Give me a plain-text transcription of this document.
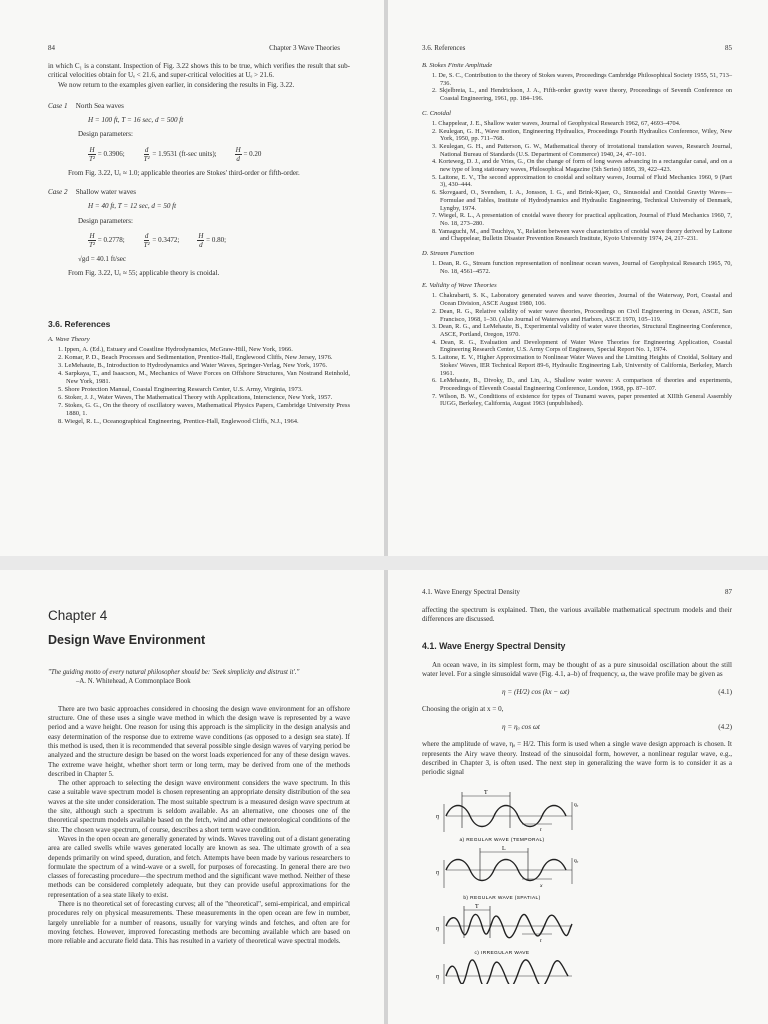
84	Chapter 3 Wave Theories

in which C₁ is a constant. Inspection of Fig. 3.22 shows this to be true, which verifies the result that sub-critical velocities obtain for Uₑ < 21.6, and super-critical velocities at Uₑ > 21.6.

We now return to the examples given earlier, in considering the results in Fig. 3.22.

Case 1 North Sea waves
H = 100 ft, T = 16 sec, d = 500 ft
Design parameters:
$\frac{H}{\text{T²}} = 0.3906$;	$\frac{d}{\text{T²}} = 1.9531$ (ft-sec units);	$\frac{H}{d} = 0.20$

From Fig. 3.22, Uₑ ≈ 1.0; applicable theories are Stokes' third-order or fifth-order.

Case 2 Shallow water waves
H = 40 ft, T = 12 sec, d = 50 ft
Design parameters:
$\frac{H}{\text{T²}} = 0.2778$;	$\frac{d}{\text{T²}} = 0.3472$;	$\frac{H}{d} = 0.80$;
√gd = 40.1 ft/sec

From Fig. 3.22, Uₑ ≈ 55; applicable theory is cnoidal.

3.6. References
A. Wave Theory
1. Ippen, A. (Ed.), Estuary and Coastline Hydrodynamics, McGraw-Hill, New York, 1966.
2. Komar, P. D., Beach Processes and Sedimentation, Prentice-Hall, Englewood Cliffs, New Jersey, 1976.
3. LeMehaute, B., Introduction to Hydrodynamics and Water Waves, Springer-Verlag, New York, 1976.
4. Sarpkaya, T., and Isaacson, M., Mechanics of Wave Forces on Offshore Structures, Van Nostrand Reinhold, New York, 1981.
5. Shore Protection Manual, Coastal Engineering Research Center, U.S. Army, Virginia, 1973.
6. Stoker, J. J., Water Waves, The Mathematical Theory with Applications, Interscience, New York, 1957.
7. Stokes, G. G., On the theory of oscillatory waves, Mathematical Physics Papers, Cambridge University Press 1880, 1.
8. Wiegel, R. L., Oceanographical Engineering, Prentice-Hall, Englewood Cliffs, N.J., 1964.
3.6. References	85
B. Stokes Finite Amplitude
1. De, S. C., Contribution to the theory of Stokes waves, Proceedings Cambridge Philosophical Society 1955, 51, 713–736.
2. Skjelbreia, L., and Hendrickson, J. A., Fifth-order gravity wave theory, Proceedings of Seventh Conference on Coastal Engineering, 1961, pp. 184–196.
C. Cnoidal
1. Chappelear, J. E., Shallow water waves, Journal of Geophysical Research 1962, 67, 4693–4704.
2. Keulegan, G. H., Wave motion, Engineering Hydraulics, Proceedings Fourth Hydraulics Conference, Wiley, New York, 1950, pp. 711–768.
3. Keulegan, G. H., and Patterson, G. W., Mathematical theory of irrotational translation waves, Research Journal, National Bureau of Standards (U.S. Department of Commerce) 1940, 24, 47–101.
4. Korteweg, D. J., and de Vries, G., On the change of form of long waves advancing in a rectangular canal, and on a new type of long stationary waves, Philosophical Magazine (5th Series) 1895, 39, 422–423.
5. Laitone, E. V., The second approximation to cnoidal and solitary waves, Journal of Fluid Mechanics 1960, 9 (Part 3), 430–444.
6. Skovgaard, O., Svendsen, I. A., Jonsson, I. G., and Brink-Kjaer, O., Sinusoidal and Cnoidal Gravity Waves—Formulae and Tables, Institute of Hydrodynamics and Hydraulic Engineering, Technical University of Denmark, Lyngby, 1974.
7. Wiegel, R. L., A presentation of cnoidal wave theory for practical application, Journal of Fluid Mechanics 1960, 7, No. 18, 273–280.
8. Yamaguchi, M., and Tsuchiya, Y., Relation between wave characteristics of cnoidal wave theory derived by Laitone and Chappelear, Bulletin Disaster Prevention Research Institute, Kyoto University 1974, 24, 217–231.
D. Stream Function
1. Dean, R. G., Stream function representation of nonlinear ocean waves, Journal of Geophysical Research 1965, 70, No. 18, 4561–4572.
E. Validity of Wave Theories
1. Chakrabarti, S. K., Laboratory generated waves and wave theories, Journal of the Waterway, Port, Coastal and Ocean Division, ASCE August 1980, 106.
2. Dean, R. G., Relative validity of water wave theories, Proceedings on Civil Engineering in Ocean, ASCE, San Francisco, 1968, 1–30. (Also Journal of Waterways and Harbors, ASCE 1970, 105–119.
3. Dean, R. G., and LeMehaute, B., Experimental validity of water wave theories, Structural Engineering Conference, ASCE, Portland, Oregon, 1970.
4. Dean, R. G., Evaluation and Development of Water Wave Theories for Engineering Application, Coastal Engineering Research Center, U.S. Army Corps of Engineers, Special Report No. 1, 1974.
5. Laitone, E. V., Higher Approximation to Nonlinear Water Waves and the Limiting Heights of Cnoidal, Solitary and Stokes' Waves, IER Technical Report 89-6, Hydraulic Engineering Lab, University of California, Berkeley, March 1961.
6. LeMehaute, B., Divoky, D., and Lin, A., Shallow water waves: A comparison of theories and experiments, Proceedings of Eleventh Coastal Engineering Conference, London, 1968, pp. 87–107.
7. Wilson, B. W., Conditions of existence for types of Tsunami waves, paper presented at XIIIth General Assembly IUGG, Berkeley, California, August 1963 (unpublished).
Chapter 4
Design Wave Environment
"The guiding motto of every natural philosopher should be: 'Seek simplicity and distrust it'."
–A. N. Whitehead, A Commonplace Book

There are two basic approaches considered in choosing the design wave environment for an offshore structure. One of these uses a single wave method in which the design wave is represented by a wave period and a wave height. One reason for using this approach is the simplicity in the design analysis and easy determination of the response due to extreme wave conditions (as opposed to a design sea state). If this method is used, then it is recommended that several possible single design waves of varying period be analyzed and the structure design be based on the worst loads experienced for any of these design waves. The extreme wave height, whether short term or long term, may be derived from one of the methods described in Chapter 5.

The other approach to selecting the design wave environment considers the wave spectrum. In this case a suitable wave spectrum model is chosen representing an appropriate density distribution of the sea waves at the site under consideration. The most suitable spectrum is a measured design wave spectrum at the site, although such a spectrum is seldom available. As an alternative, one chooses one of the theoretical spectrum models available based on the fetch, wind and other meteorological conditions of the site. The chosen wave spectrum, of course, describes a short term wave condition.

Waves in the open ocean are generally generated by winds. Waves traveling out of a distant generating area are called swells while waves generated locally are known as sea. The ultimate growth of a sea depends primarily on wind speed, duration, and fetch. Attempts have been made by various researchers to formulate the spectrum of a wind-wave or a swell, for purposes of forecasting. In general there are two classes of forecasting procedure—the spectrum method and the significant wave method. Neither of these methods can be considered completely adequate, but they can provide useful approximations for the representation of a sea state likely to exist.

There is no theoretical set of forecasting curves; all of the "theoretical", semi-empirical, and empirical procedures rely on physical measurements. These measurements in the open ocean are few in number, largely unreliable for a number of reasons, usually for varying winds and fetches, and often are for moving fetches. However, improved forecasting methods are becoming available which are based on more reliable and accurate field data. This has resulted in a variety of theoretical wave spectral models.

4.1. Wave Energy Spectral Density	87

affecting the spectrum is explained. Then, the various available mathematical spectrum models and their differences are discussed.

4.1. Wave Energy Spectral Density

An ocean wave, in its simplest form, may be thought of as a pure sinusoidal oscillation about the still water level. For a single sinusoidal wave (Fig. 4.1, a–b) of frequency, ω, the wave profile may be given as

η = (H/2) cos (kx − ωt)	(4.1)

Choosing the origin at x = 0,

η = ηₐ cos ωt	(4.2)

where the amplitude of wave, ηₐ = H/2. This form is used when a single wave design approach is chosen. It represents the Airy wave theory. Instead of the sinusoidal form, however, a nonlinear regular wave, e.g., described in Chapter 3, is often used. The next step in generalizing the wave form is to consider it as a periodic signal

T
η
ηₐ
t
a) REGULAR WAVE (TEMPORAL)
L
η
ηₐ
x
b) REGULAR WAVE (SPATIAL)
T
η
t
c) IRREGULAR WAVE
η
